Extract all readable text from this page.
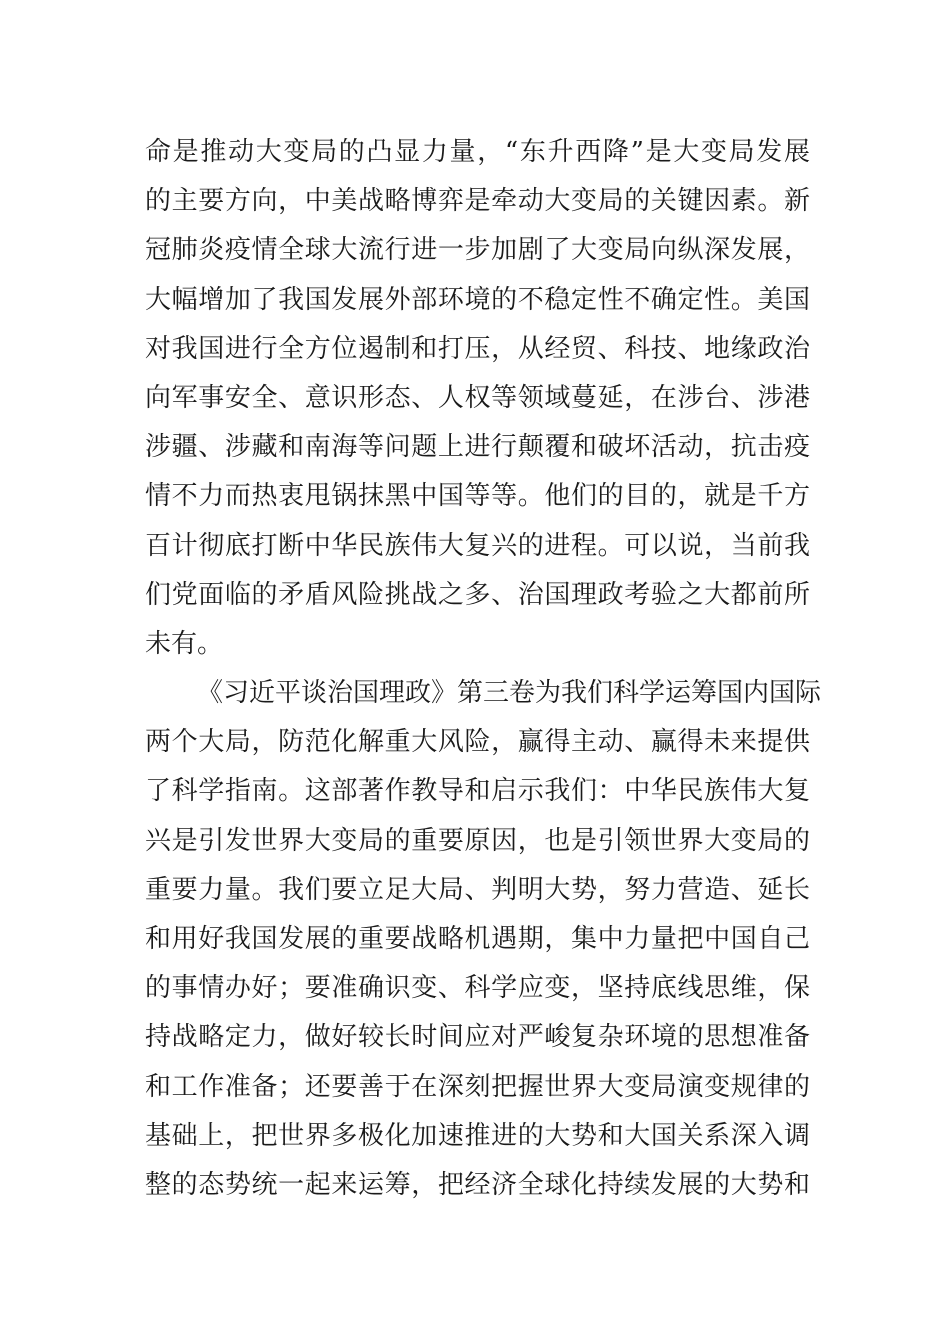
命是推动大变局的凸显力量，“东升西降”是大变局发展
的主要方向，中美战略博弈是牵动大变局的关键因素。新
冠肺炎疫情全球大流行进一步加剧了大变局向纵深发展，
大幅增加了我国发展外部环境的不稳定性不确定性。美国
对我国进行全方位遏制和打压，从经贸、科技、地缘政治
向军事安全、意识形态、人权等领域蔓延，在涉台、涉港
涉疆、涉藏和南海等问题上进行颠覆和破坏活动，抗击疫
情不力而热衷甩锅抹黑中国等等。他们的目的，就是千方
百计彻底打断中华民族伟大复兴的进程。可以说，当前我
们党面临的矛盾风险挑战之多、治国理政考验之大都前所
未有。
《习近平谈治国理政》第三卷为我们科学运筹国内国际
两个大局，防范化解重大风险，赢得主动、赢得未来提供
了科学指南。这部著作教导和启示我们：中华民族伟大复
兴是引发世界大变局的重要原因，也是引领世界大变局的
重要力量。我们要立足大局、判明大势，努力营造、延长
和用好我国发展的重要战略机遇期，集中力量把中国自己
的事情办好；要准确识变、科学应变，坚持底线思维，保
持战略定力，做好较长时间应对严峻复杂环境的思想准备
和工作准备；还要善于在深刻把握世界大变局演变规律的
基础上，把世界多极化加速推进的大势和大国关系深入调
整的态势统一起来运筹，把经济全球化持续发展的大势和
